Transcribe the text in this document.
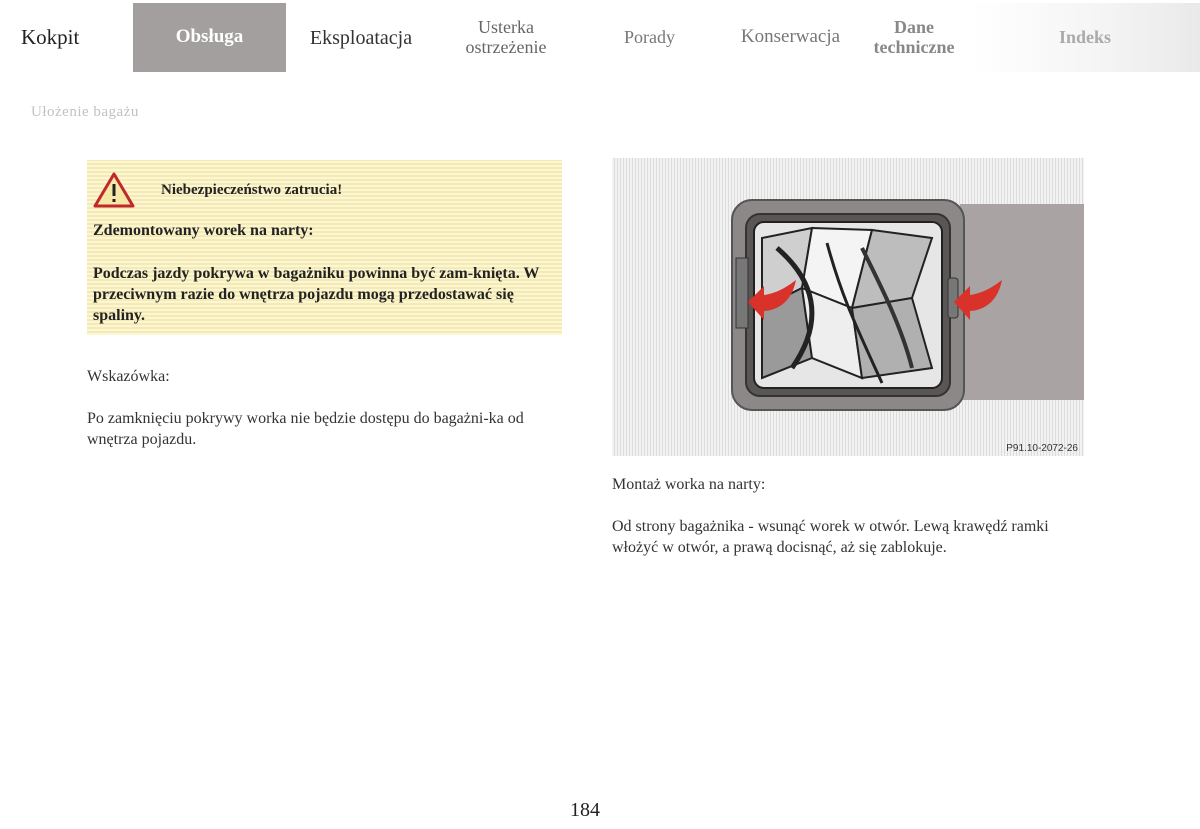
Kokpit	Obsługa	Eksploatacja	Usterka
ostrzeżenie	Porady	Konserwacja	Dane
techniczne	Indeks
Ułożenie bagażu
Niebezpieczeństwo zatrucia!
Zdemontowany worek na narty:
Podczas jazdy pokrywa w bagażniku powinna być zam-knięta. W przeciwnym razie do wnętrza pojazdu mogą przedostawać się spaliny.
Wskazówka:
Po zamknięciu pokrywy worka nie będzie dostępu do bagażni-ka od wnętrza pojazdu.
P91.10-2072-26
Montaż worka na narty:
Od strony bagażnika - wsunąć worek w otwór. Lewą krawędź ramki włożyć w otwór, a prawą docisnąć, aż się zablokuje.
184
